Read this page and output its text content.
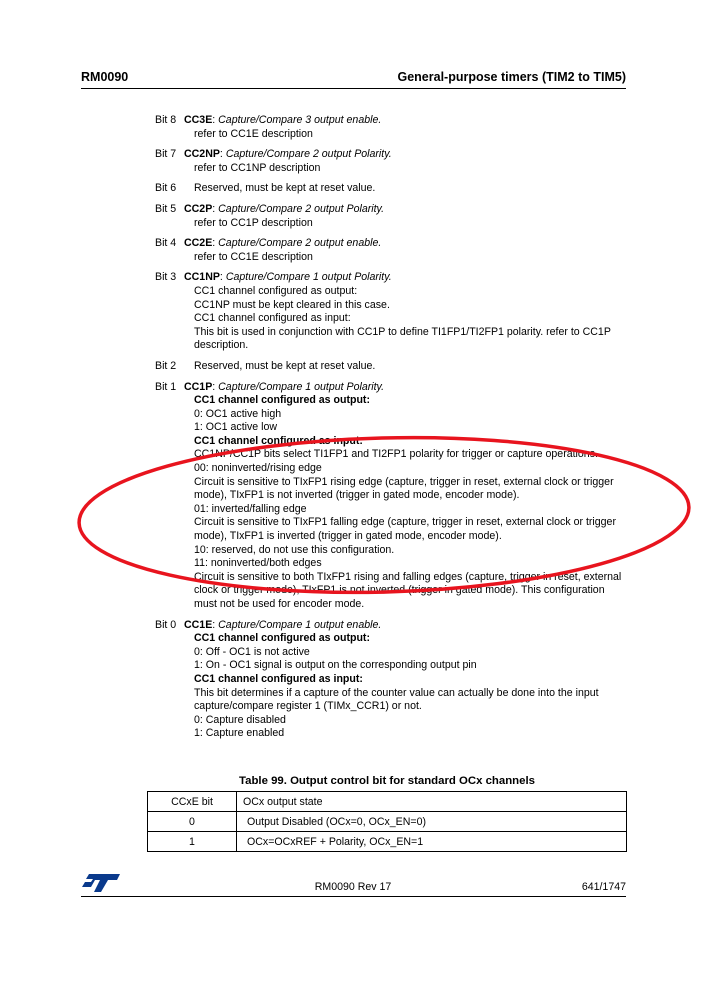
RM0090	General-purpose timers (TIM2 to TIM5)
Bit 8 CC3E: Capture/Compare 3 output enable.
refer to CC1E description
Bit 7 CC2NP: Capture/Compare 2 output Polarity.
refer to CC1NP description
Bit 6	Reserved, must be kept at reset value.
Bit 5 CC2P: Capture/Compare 2 output Polarity.
refer to CC1P description
Bit 4 CC2E: Capture/Compare 2 output enable.
refer to CC1E description
Bit 3 CC1NP: Capture/Compare 1 output Polarity.
CC1 channel configured as output:
CC1NP must be kept cleared in this case.
CC1 channel configured as input:
This bit is used in conjunction with CC1P to define TI1FP1/TI2FP1 polarity. refer to CC1P description.
Bit 2	Reserved, must be kept at reset value.
Bit 1 CC1P: Capture/Compare 1 output Polarity.
CC1 channel configured as output:
0: OC1 active high
1: OC1 active low
CC1 channel configured as input:
CC1NP/CC1P bits select TI1FP1 and TI2FP1 polarity for trigger or capture operations.
00: noninverted/rising edge
Circuit is sensitive to TIxFP1 rising edge (capture, trigger in reset, external clock or trigger mode), TIxFP1 is not inverted (trigger in gated mode, encoder mode).
01: inverted/falling edge
Circuit is sensitive to TIxFP1 falling edge (capture, trigger in reset, external clock or trigger mode), TIxFP1 is inverted (trigger in gated mode, encoder mode).
10: reserved, do not use this configuration.
11: noninverted/both edges
Circuit is sensitive to both TIxFP1 rising and falling edges (capture, trigger in reset, external clock or trigger mode), TIxFP1 is not inverted (trigger in gated mode). This configuration must not be used for encoder mode.
Bit 0 CC1E: Capture/Compare 1 output enable.
CC1 channel configured as output:
0: Off - OC1 is not active
1: On - OC1 signal is output on the corresponding output pin
CC1 channel configured as input:
This bit determines if a capture of the counter value can actually be done into the input capture/compare register 1 (TIMx_CCR1) or not.
0: Capture disabled
1: Capture enabled
Table 99. Output control bit for standard OCx channels
CCxE bit	OCx output state
0	Output Disabled (OCx=0, OCx_EN=0)
1	OCx=OCxREF + Polarity, OCx_EN=1
RM0090 Rev 17	641/1747
